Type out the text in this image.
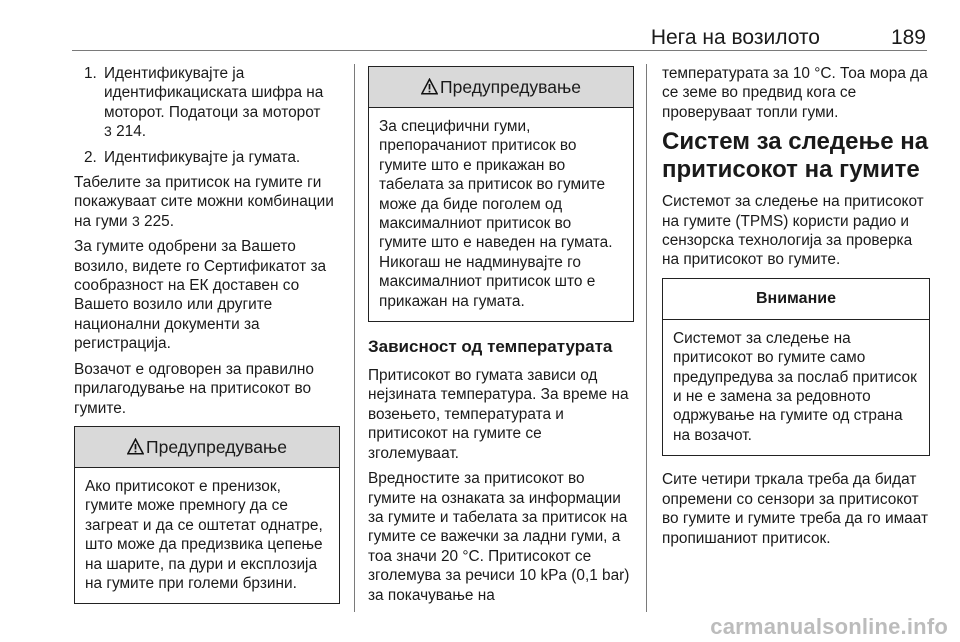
Нега на возилото	189
1. Идентификувајте ја идентификациската шифра на моторот. Податоци за моторот
3 214.
2. Идентификувајте ја гумата.

Табелите за притисок на гумите ги покажуваат сите можни комбинации на гуми 3 225.

За гумите одобрени за Вашето возило, видете го Сертификатот за сообразност на ЕК доставен со Вашето возило или другите национални документи за регистрација.

Возачот е одговорен за правилно прилагодување на притисокот во гумите.

Предупредување
Ако притисокот е пренизок, гумите може премногу да се загреат и да се оштетат однатре, што може да предизвика цепење на шарите, па дури и експлозија на гумите при големи брзини.
Предупредување
За специфични гуми, препорачаниот притисок во гумите што е прикажан во табелата за притисок во гумите може да биде поголем од максималниот притисок во гумите што е наведен на гумата. Никогаш не надминувајте го максималниот притисок што е прикажан на гумата.
Зависност од температурата

Притисокот во гумата зависи од нејзината температура. За време на возењето, температурата и притисокот на гумите се зголемуваат.

Вредностите за притисокот во гумите на ознаката за информации за гумите и табелата за притисок на гумите се важечки за ладни гуми, а тоа значи 20 °C. Притисокот се зголемува за речиси 10 kPa (0,1 bar) за покачување на

температурата за 10 °C. Тоа мора да се земе во предвид кога се проверуваат топли гуми.

Систем за следење на притисокот на гумите

Системот за следење на притисокот на гумите (TPMS) користи радио и сензорска технологија за проверка на притисокот во гумите.

Внимание
Системот за следење на притисокот во гумите само предупредува за послаб притисок и не е замена за редовното одржување на гумите од страна на возачот.

Сите четири тркала треба да бидат опремени со сензори за притисокот во гумите и гумите треба да го имаат пропишаниот притисок.

carmanualsonline.info
